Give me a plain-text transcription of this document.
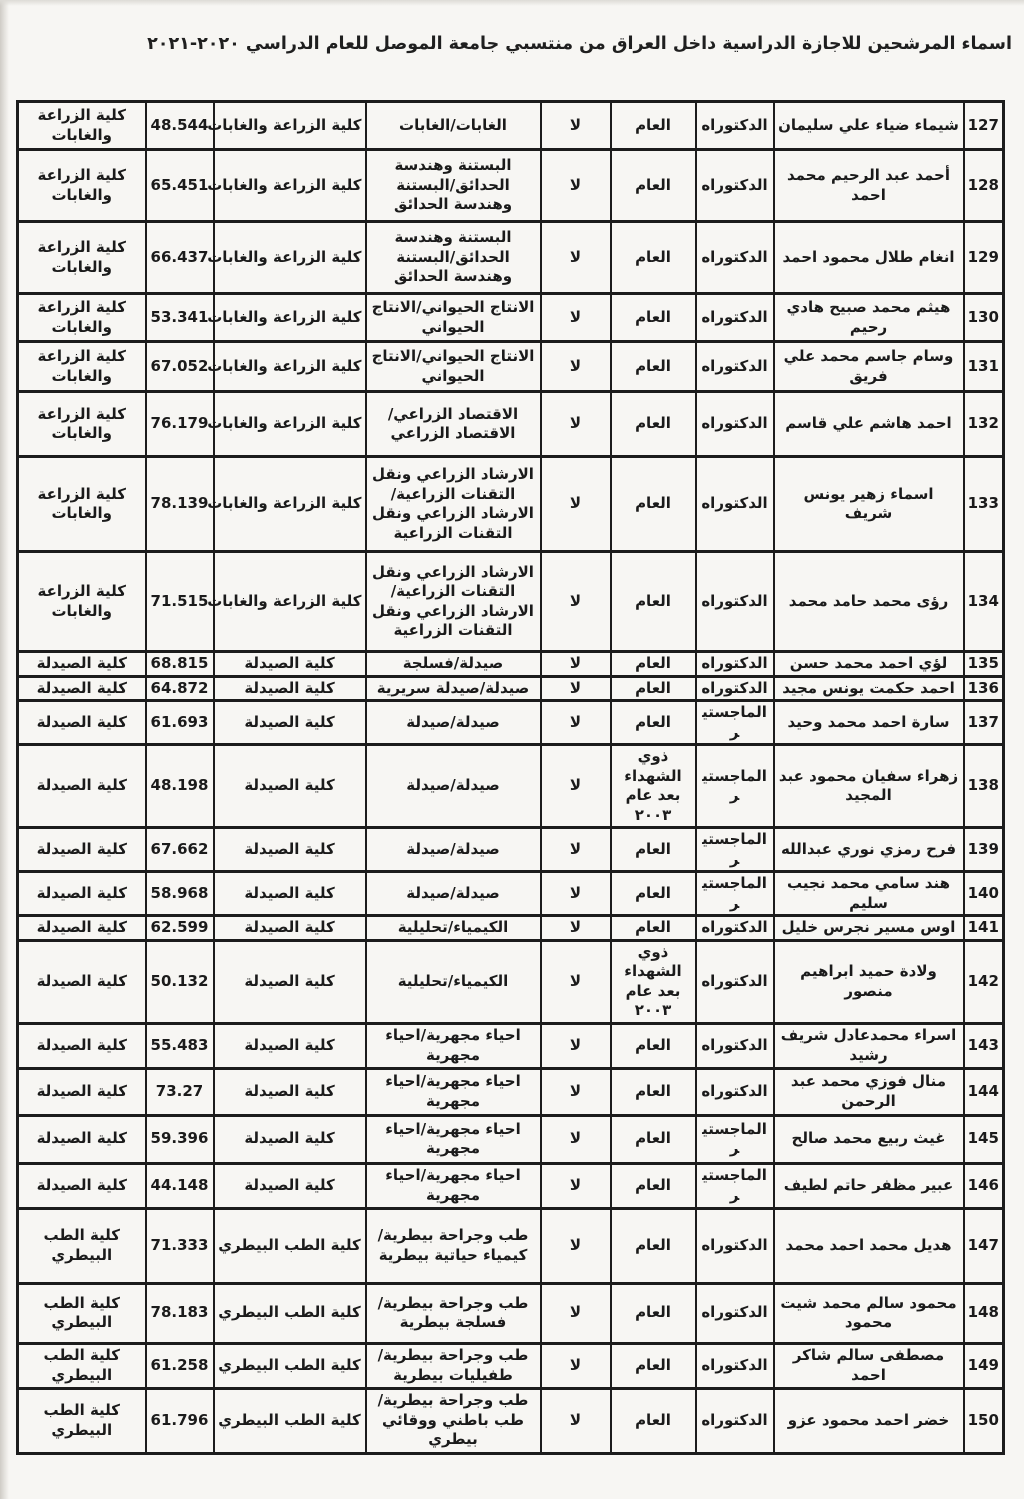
اسماء المرشحين للاجازة الدراسية داخل العراق من منتسبي جامعة الموصل للعام الدراسي ٢٠٢٠-٢٠٢١
127	شيماء ضياء علي سليمان	الدكتوراه	العام	لا	الغابات/الغابات	كلية الزراعة والغابات	48.544	كلية الزراعة والغابات
128	أحمد عبد الرحيم محمد احمد	الدكتوراه	العام	لا	البستنة وهندسة الحدائق/البستنة وهندسة الحدائق	كلية الزراعة والغابات	65.451	كلية الزراعة والغابات
129	انغام طلال محمود احمد	الدكتوراه	العام	لا	البستنة وهندسة الحدائق/البستنة وهندسة الحدائق	كلية الزراعة والغابات	66.437	كلية الزراعة والغابات
130	هيثم محمد صبيح هادي رحيم	الدكتوراه	العام	لا	الانتاج الحيواني/الانتاج الحيواني	كلية الزراعة والغابات	53.341	كلية الزراعة والغابات
131	وسام جاسم محمد علي فريق	الدكتوراه	العام	لا	الانتاج الحيواني/الانتاج الحيواني	كلية الزراعة والغابات	67.052	كلية الزراعة والغابات
132	احمد هاشم علي قاسم	الدكتوراه	العام	لا	الاقتصاد الزراعي/الاقتصاد الزراعي	كلية الزراعة والغابات	76.179	كلية الزراعة والغابات
133	اسماء زهير يونس شريف	الدكتوراه	العام	لا	الارشاد الزراعي ونقل التقنات الزراعية/الارشاد الزراعي ونقل التقنات الزراعية	كلية الزراعة والغابات	78.139	كلية الزراعة والغابات
134	رؤى محمد حامد محمد	الدكتوراه	العام	لا	الارشاد الزراعي ونقل التقنات الزراعية/الارشاد الزراعي ونقل التقنات الزراعية	كلية الزراعة والغابات	71.515	كلية الزراعة والغابات
135	لؤي احمد محمد حسن	الدكتوراه	العام	لا	صيدلة/فسلجة	كلية الصيدلة	68.815	كلية الصيدلة
136	احمد حكمت يونس مجيد	الدكتوراه	العام	لا	صيدلة/صيدلة سريرية	كلية الصيدلة	64.872	كلية الصيدلة
137	سارة احمد محمد وحيد	الماجستير	العام	لا	صيدلة/صيدلة	كلية الصيدلة	61.693	كلية الصيدلة
138	زهراء سفيان محمود عبد المجيد	الماجستير	ذوي الشهداء بعد عام ٢٠٠٣	لا	صيدلة/صيدلة	كلية الصيدلة	48.198	كلية الصيدلة
139	فرح رمزي نوري عبدالله	الماجستير	العام	لا	صيدلة/صيدلة	كلية الصيدلة	67.662	كلية الصيدلة
140	هند سامي محمد نجيب سليم	الماجستير	العام	لا	صيدلة/صيدلة	كلية الصيدلة	58.968	كلية الصيدلة
141	اوس مسير نجرس خليل	الدكتوراه	العام	لا	الكيمياء/تحليلية	كلية الصيدلة	62.599	كلية الصيدلة
142	ولادة حميد ابراهيم منصور	الدكتوراه	ذوي الشهداء بعد عام ٢٠٠٣	لا	الكيمياء/تحليلية	كلية الصيدلة	50.132	كلية الصيدلة
143	اسراء محمدعادل شريف رشيد	الدكتوراه	العام	لا	احياء مجهرية/احياء مجهرية	كلية الصيدلة	55.483	كلية الصيدلة
144	منال فوزي محمد عبد الرحمن	الدكتوراه	العام	لا	احياء مجهرية/احياء مجهرية	كلية الصيدلة	73.27	كلية الصيدلة
145	غيث ربيع محمد صالح	الماجستير	العام	لا	احياء مجهرية/احياء مجهرية	كلية الصيدلة	59.396	كلية الصيدلة
146	عبير مظفر حاتم لطيف	الماجستير	العام	لا	احياء مجهرية/احياء مجهرية	كلية الصيدلة	44.148	كلية الصيدلة
147	هديل محمد احمد محمد	الدكتوراه	العام	لا	طب وجراحة بيطرية/كيمياء حياتية بيطرية	كلية الطب البيطري	71.333	كلية الطب البيطري
148	محمود سالم محمد شيت محمود	الدكتوراه	العام	لا	طب وجراحة بيطرية/فسلجة بيطرية	كلية الطب البيطري	78.183	كلية الطب البيطري
149	مصطفى سالم شاكر احمد	الدكتوراه	العام	لا	طب وجراحة بيطرية/طفيليات بيطرية	كلية الطب البيطري	61.258	كلية الطب البيطري
150	خضر احمد محمود عزو	الدكتوراه	العام	لا	طب وجراحة بيطرية/طب باطني ووقائي بيطري	كلية الطب البيطري	61.796	كلية الطب البيطري
